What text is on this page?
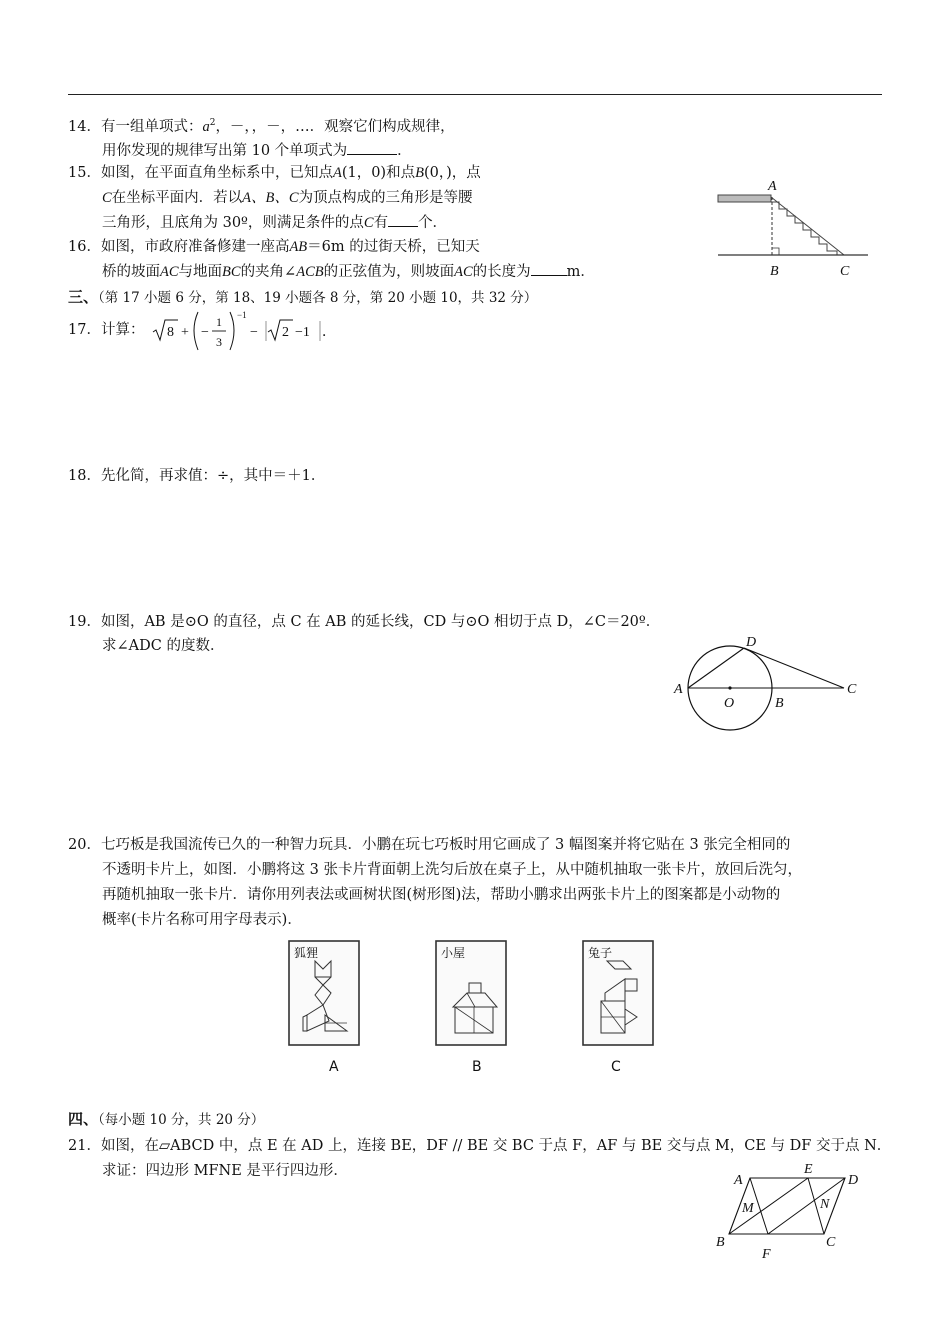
14．有一组单项式：$a^2$，－，，－，…．观察它们构成规律，
用你发现的规律写出第 10 个单项式为	．
15．如图，在平面直角坐标系中，已知点A(1，0)和点B(0，)，点
C在坐标平面内．若以A、B、C为顶点构成的三角形是等腰
三角形，且底角为 30º，则满足条件的点C有 个．
16．如图，市政府准备修建一座高AB＝6m 的过街天桥，已知天
桥的坡面AC与地面BC的夹角∠ACB的正弦值为，则坡面AC的长度为 m．
A
B	C
三、（第 17 小题 6 分，第 18、19 小题各 8 分，第 20 小题 10，共 32 分）
17．计算： 8 + −
1
3
−1
− 2 −1 ．
18．先化简，再求值：÷，其中＝＋1．
19．如图，AB 是⊙O 的直径，点 C 在 AB 的延长线，CD 与⊙O 相切于点 D，∠C＝20º．
求∠ADC 的度数．	D
A
O	B
C
20．七巧板是我国流传已久的一种智力玩具．小鹏在玩七巧板时用它画成了 3 幅图案并将它贴在 3 张完全相同的
不透明卡片上，如图．小鹏将这 3 张卡片背面朝上洗匀后放在桌子上，从中随机抽取一张卡片，放回后洗匀，
再随机抽取一张卡片．请你用列表法或画树状图(树形图)法，帮助小鹏求出两张卡片上的图案都是小动物的
概率(卡片名称可用字母表示)．
狐狸
A
小屋
B
兔子
C
四、（每小题 10 分，共 20 分）
21．如图，在▱ABCD 中，点 E 在 AD 上，连接 BE，DF // BE 交 BC 于点 F，AF 与 BE 交与点 M，CE 与 DF 交于点 N．
求证：四边形 MFNE 是平行四边形．
A
E
D
M	N
B	C
F
